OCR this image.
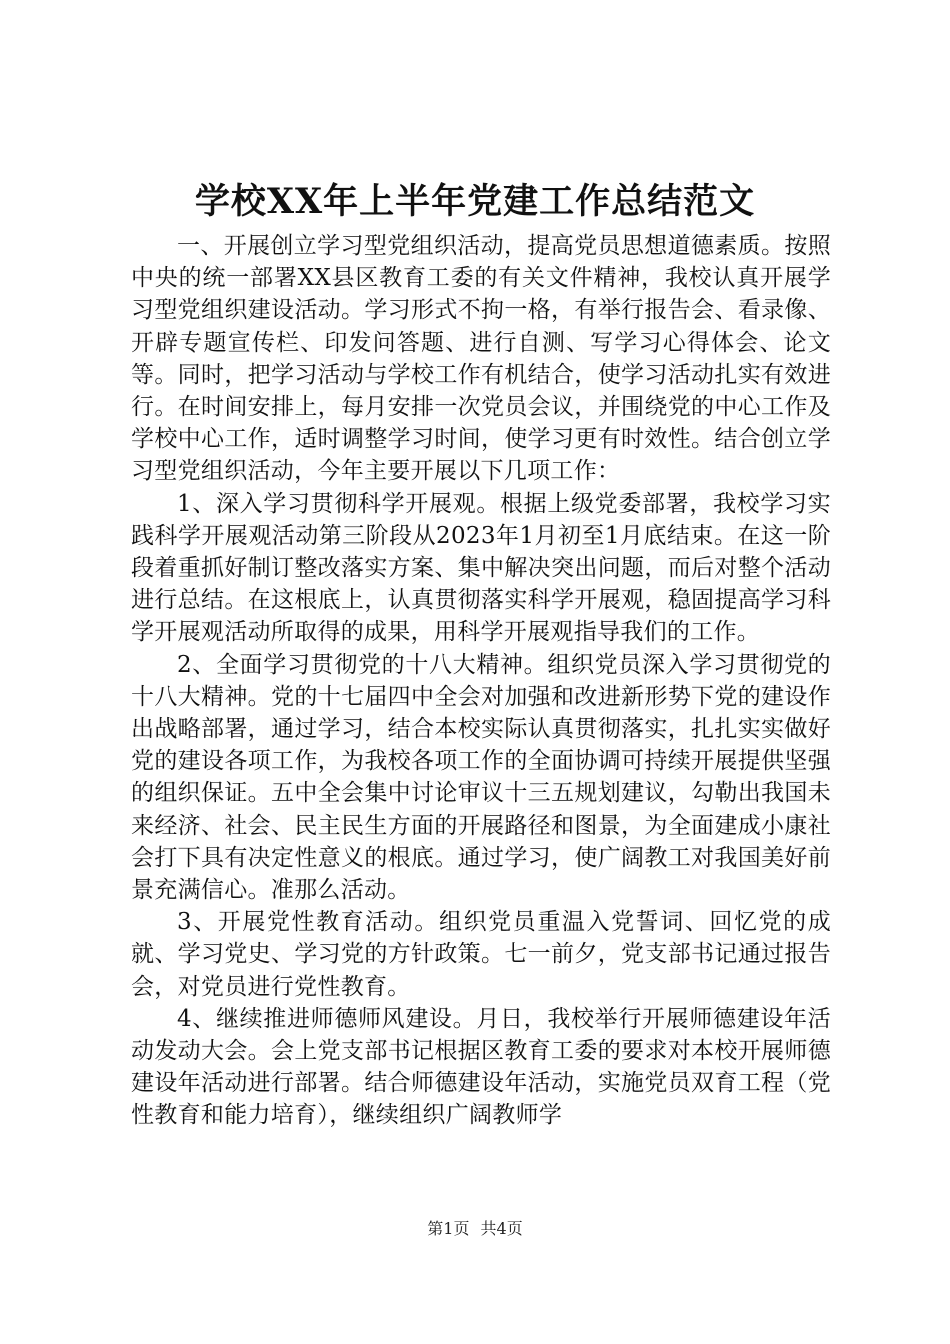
学校XX年上半年党建工作总结范文

一、开展创立学习型党组织活动，提高党员思想道德素质。按照中央的统一部署XX县区教育工委的有关文件精神，我校认真开展学习型党组织建设活动。学习形式不拘一格，有举行报告会、看录像、开辟专题宣传栏、印发问答题、进行自测、写学习心得体会、论文等。同时，把学习活动与学校工作有机结合，使学习活动扎实有效进行。在时间安排上，每月安排一次党员会议，并围绕党的中心工作及学校中心工作，适时调整学习时间，使学习更有时效性。结合创立学习型党组织活动，今年主要开展以下几项工作：

1、深入学习贯彻科学开展观。根据上级党委部署，我校学习实践科学开展观活动第三阶段从2023年1月初至1月底结束。在这一阶段着重抓好制订整改落实方案、集中解决突出问题，而后对整个活动进行总结。在这根底上，认真贯彻落实科学开展观，稳固提高学习科学开展观活动所取得的成果，用科学开展观指导我们的工作。

2、全面学习贯彻党的十八大精神。组织党员深入学习贯彻党的十八大精神。党的十七届四中全会对加强和改进新形势下党的建设作出战略部署，通过学习，结合本校实际认真贯彻落实，扎扎实实做好党的建设各项工作，为我校各项工作的全面协调可持续开展提供坚强的组织保证。五中全会集中讨论审议十三五规划建议，勾勒出我国未来经济、社会、民主民生方面的开展路径和图景，为全面建成小康社会打下具有决定性意义的根底。通过学习，使广阔教工对我国美好前景充满信心。准那么活动。

3、开展党性教育活动。组织党员重温入党誓词、回忆党的成就、学习党史、学习党的方针政策。七一前夕，党支部书记通过报告会，对党员进行党性教育。

4、继续推进师德师风建设。月日，我校举行开展师德建设年活动发动大会。会上党支部书记根据区教育工委的要求对本校开展师德建设年活动进行部署。结合师德建设年活动，实施党员双育工程（党性教育和能力培育），继续组织广阔教师学

第1页 共4页
